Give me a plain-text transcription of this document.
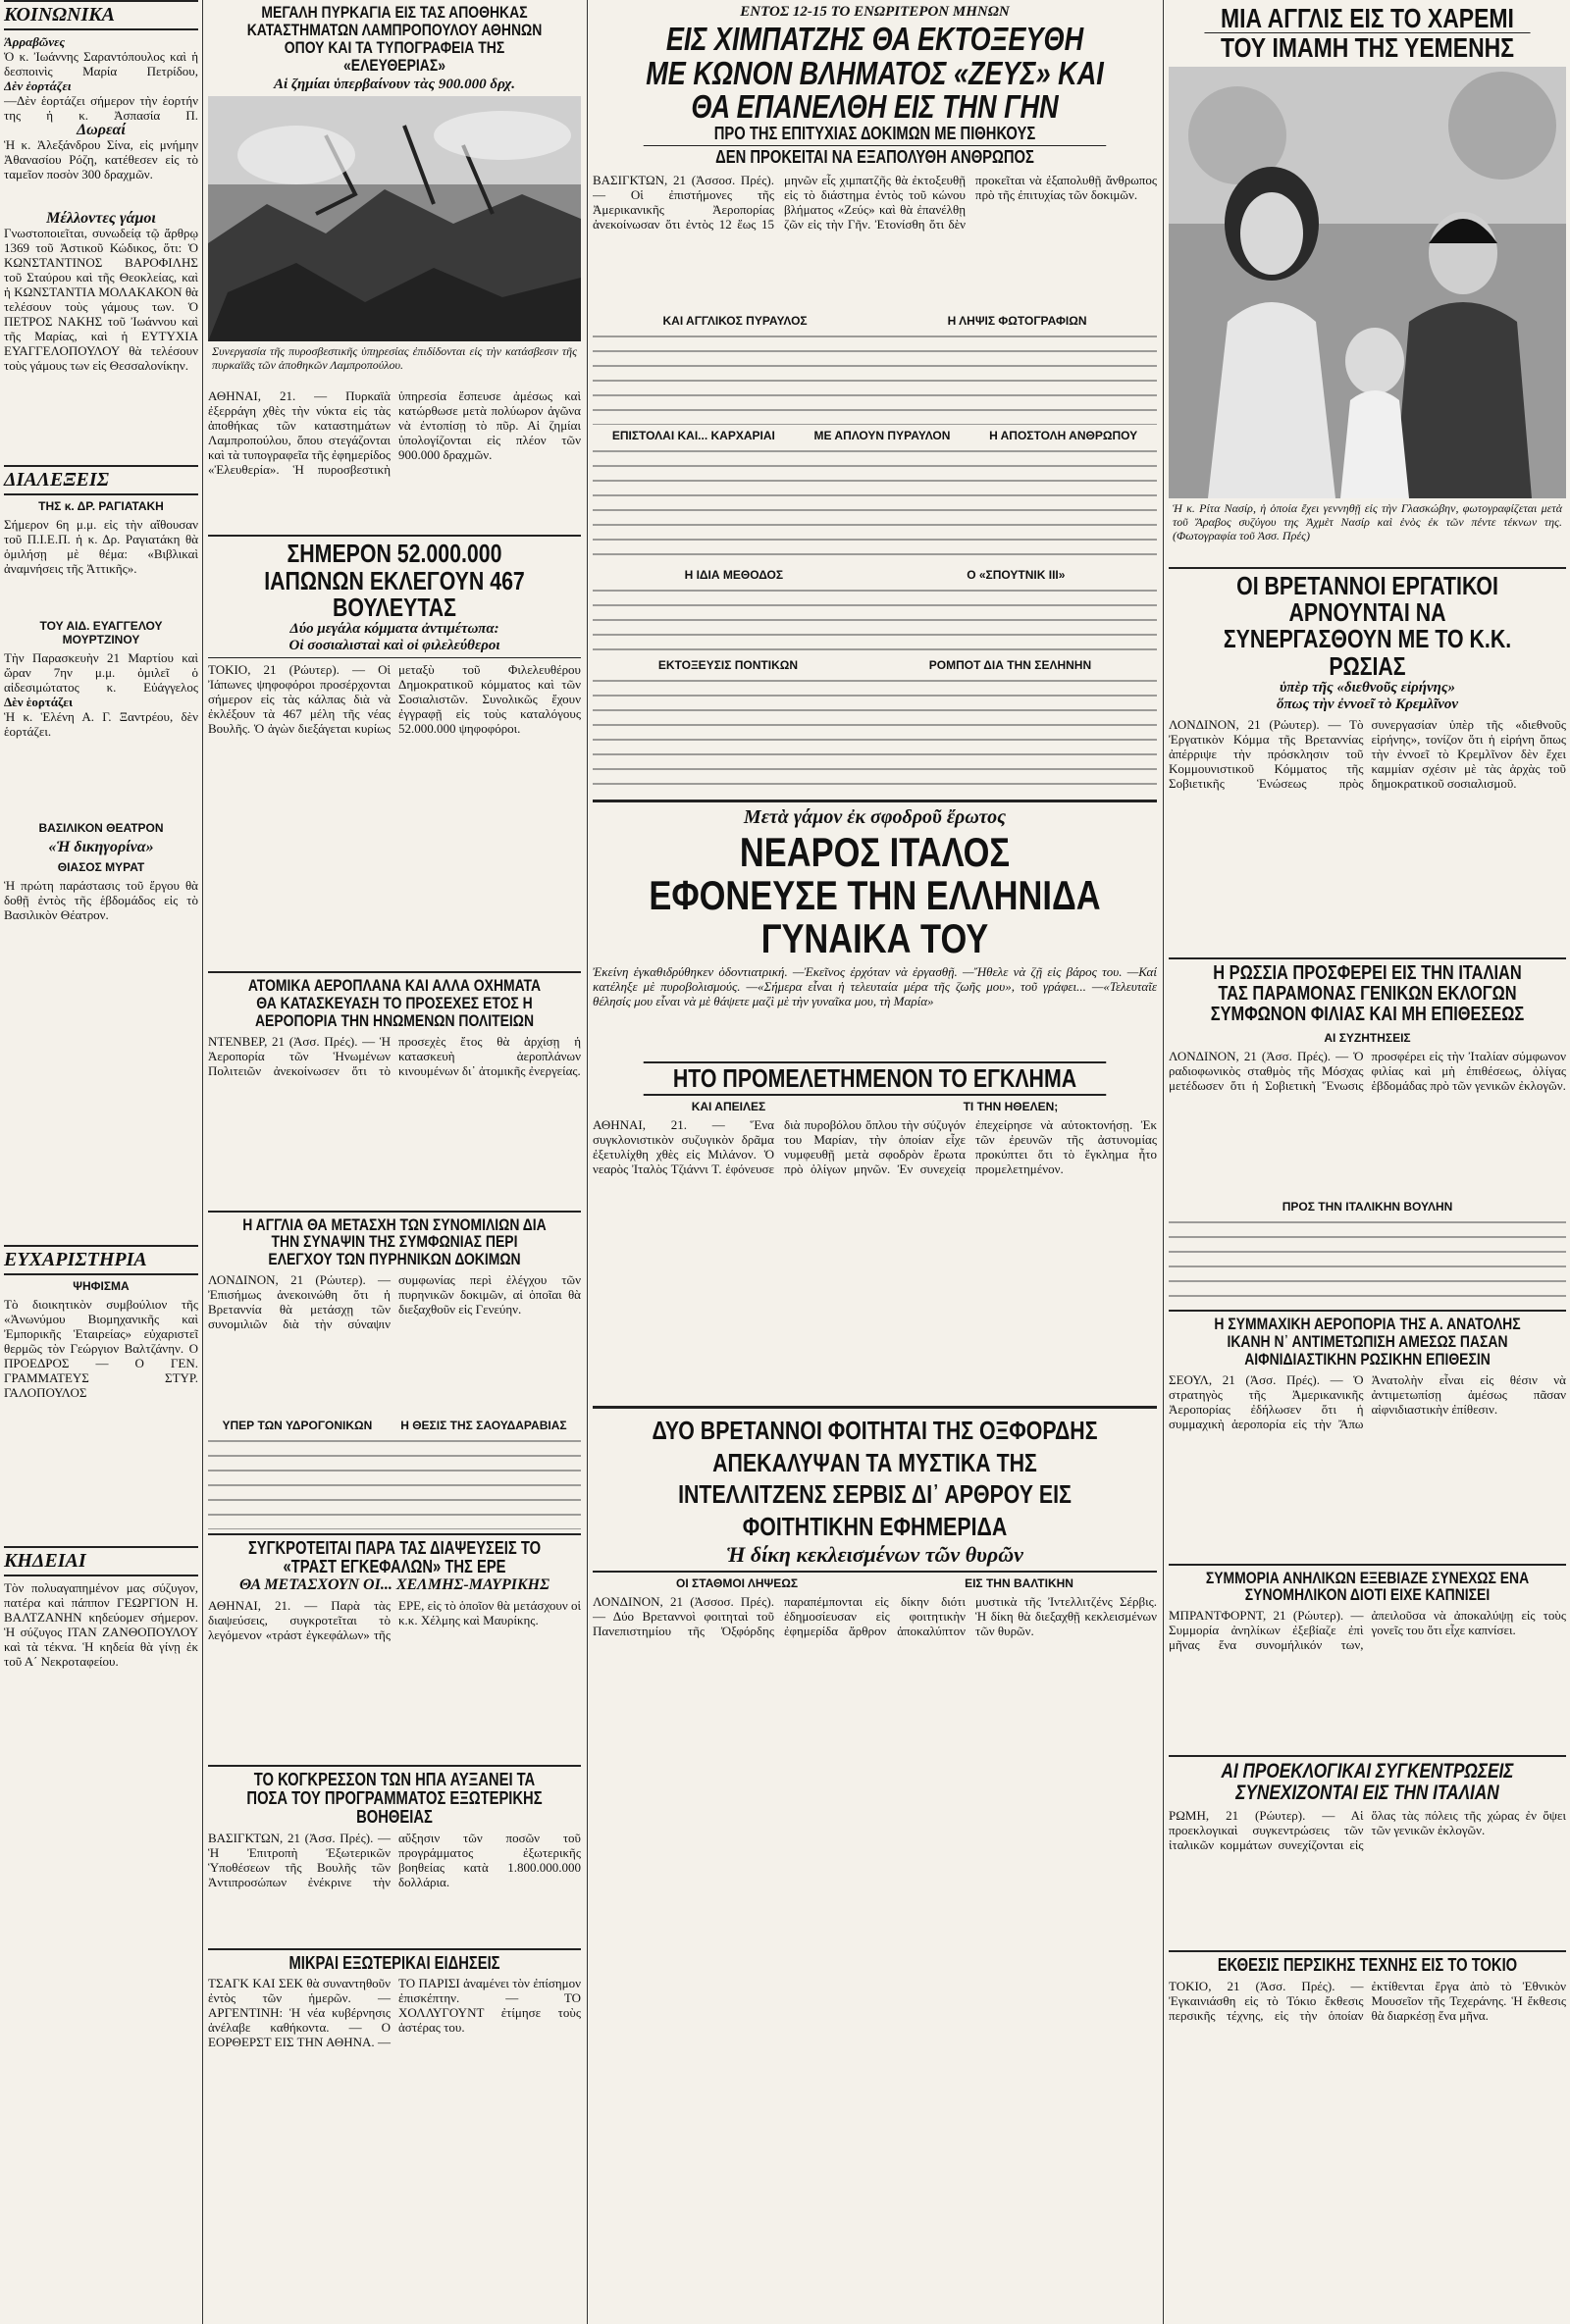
ΚΟΙΝΩΝΙΚΑ
Ἀρραβῶνες
Ὁ κ. Ἰωάννης Σαραντόπουλος καὶ ἡ δεσποινὶς Μαρία Πετρίδου,
Δὲν ἑορτάζει
—Δὲν ἑορτάζει σήμερον τὴν ἑορτήν της ἡ κ. Ἀσπασία Π.
Δωρεαί
Ἡ κ. Ἀλεξάνδρου Σίνα, εἰς μνήμην Ἀθανασίου Ρόζη, κατέθεσεν εἰς τὸ ταμεῖον ποσὸν 300 δραχμῶν.
Μέλλοντες γάμοι
Γνωστοποιεῖται, συνωδείᾳ τῷ ἄρθρῳ 1369 τοῦ Ἀστικοῦ Κώδικος, ὅτι: Ὁ ΚΩΝΣΤΑΝΤΙΝΟΣ ΒΑΡΟΦΙΛΗΣ τοῦ Σταύρου καὶ τῆς Θεοκλείας, καὶ ἡ ΚΩΝΣΤΑΝΤΙΑ ΜΟΛΑΚΑΚΟΝ θὰ τελέσουν τοὺς γάμους των. Ὁ ΠΕΤΡΟΣ ΝΑΚΗΣ τοῦ Ἰωάννου καὶ τῆς Μαρίας, καὶ ἡ ΕΥΤΥΧΙΑ ΕΥΑΓΓΕΛΟΠΟΥΛΟΥ θὰ τελέσουν τοὺς γάμους των εἰς Θεσσαλονίκην.
ΔΙΑΛΕΞΕΙΣ
ΤΗΣ κ. ΔΡ. ΡΑΓΙΑΤΑΚΗ
Σήμερον 6η μ.μ. εἰς τὴν αἴθουσαν τοῦ Π.Ι.Ε.Π. ἡ κ. Δρ. Ραγιατάκη θὰ ὁμιλήσῃ μὲ θέμα: «Βιβλικαὶ ἀναμνήσεις τῆς Ἀττικῆς».
ΤΟΥ ΑΙΔ. ΕΥΑΓΓΕΛΟΥ ΜΟΥΡΤΖΙΝΟΥ
Τὴν Παρασκευὴν 21 Μαρτίου καὶ ὥραν 7ην μ.μ. ὁμιλεῖ ὁ αἰδεσιμώτατος κ. Εὐάγγελος
Δὲν ἑορτάζει
Ἡ κ. Ἑλένη Α. Γ. Ξαντρέου, δὲν ἑορτάζει.
ΒΑΣΙΛΙΚΟΝ ΘΕΑΤΡΟΝ
«Ἡ δικηγορίνα»
ΘΙΑΣΟΣ ΜΥΡΑΤ
Ἡ πρώτη παράστασις τοῦ ἔργου θὰ δοθῇ ἐντὸς τῆς ἑβδομάδος εἰς τὸ Βασιλικὸν Θέατρον.
ΕΥΧΑΡΙΣΤΗΡΙΑ
ΨΗΦΙΣΜΑ
Τὸ διοικητικὸν συμβούλιον τῆς «Ἀνωνύμου Βιομηχανικῆς καὶ Ἐμπορικῆς Ἑταιρείας» εὐχαριστεῖ θερμῶς τὸν Γεώργιον Βαλτζάνην. Ο ΠΡΟΕΔΡΟΣ — Ο ΓΕΝ. ΓΡΑΜΜΑΤΕΥΣ ΣΤΥΡ. ΓΑΛΟΠΟΥΛΟΣ
ΚΗΔΕΙΑΙ
Τὸν πολυαγαπημένον μας σύζυγον, πατέρα καὶ πάππον ΓΕΩΡΓΙΟΝ Η. ΒΑΛΤΖΑΝΗΝ κηδεύομεν σήμερον. Ἡ σύζυγος ΙΤΑΝ ΖΑΝΘΟΠΟΥΛΟΥ καὶ τὰ τέκνα. Ἡ κηδεία θὰ γίνῃ ἐκ τοῦ Α΄ Νεκροταφείου.
ΜΕΓΑΛΗ ΠΥΡΚΑΓΙΑ ΕΙΣ ΤΑΣ ΑΠΟΘΗΚΑΣ ΚΑΤΑΣΤΗΜΑΤΩΝ ΛΑΜΠΡΟΠΟΥΛΟΥ ΑΘΗΝΩΝ ΟΠΟΥ ΚΑΙ ΤΑ ΤΥΠΟΓΡΑΦΕΙΑ ΤΗΣ «ΕΛΕΥΘΕΡΙΑΣ»
Αἱ ζημίαι ὑπερβαίνουν τὰς 900.000 δρχ.
Συνεργασία τῆς πυροσβεστικῆς ὑπηρεσίας ἐπιδίδονται εἰς τὴν κατάσβεσιν τῆς πυρκαϊᾶς τῶν ἀποθηκῶν Λαμπροπούλου.
ΑΘΗΝΑΙ, 21. — Πυρκαϊὰ ἐξερράγη χθὲς τὴν νύκτα εἰς τὰς ἀποθήκας τῶν καταστημάτων Λαμπροπούλου, ὅπου στεγάζονται καὶ τὰ τυπογραφεῖα τῆς ἐφημερίδος «Ἐλευθερία». Ἡ πυροσβεστικὴ ὑπηρεσία ἔσπευσε ἀμέσως καὶ κατώρθωσε μετὰ πολύωρον ἀγῶνα νὰ ἐντοπίσῃ τὸ πῦρ. Αἱ ζημίαι ὑπολογίζονται εἰς πλέον τῶν 900.000 δραχμῶν.
ΣΗΜΕΡΟΝ 52.000.000 ΙΑΠΩΝΩΝ ΕΚΛΕΓΟΥΝ 467 ΒΟΥΛΕΥΤΑΣ
Δύο μεγάλα κόμματα ἀντιμέτωπα:
Οἱ σοσιαλισταὶ καὶ οἱ φιλελεύθεροι
ΤΟΚΙΟ, 21 (Ρώυτερ). — Οἱ Ἰάπωνες ψηφοφόροι προσέρχονται σήμερον εἰς τὰς κάλπας διὰ νὰ ἐκλέξουν τὰ 467 μέλη τῆς νέας Βουλῆς. Ὁ ἀγὼν διεξάγεται κυρίως μεταξὺ τοῦ Φιλελευθέρου Δημοκρατικοῦ κόμματος καὶ τῶν Σοσιαλιστῶν. Συνολικῶς ἔχουν ἐγγραφῇ εἰς τοὺς καταλόγους 52.000.000 ψηφοφόροι.
ΑΤΟΜΙΚΑ ΑΕΡΟΠΛΑΝΑ ΚΑΙ ΑΛΛΑ ΟΧΗΜΑΤΑ ΘΑ ΚΑΤΑΣΚΕΥΑΣΗ ΤΟ ΠΡΟΣΕΧΕΣ ΕΤΟΣ Η ΑΕΡΟΠΟΡΙΑ ΤΗΝ ΗΝΩΜΕΝΩΝ ΠΟΛΙΤΕΙΩΝ
ΝΤΕΝΒΕΡ, 21 (Ἀσσ. Πρές). — Ἡ Ἀεροπορία τῶν Ἡνωμένων Πολιτειῶν ἀνεκοίνωσεν ὅτι τὸ προσεχὲς ἔτος θὰ ἀρχίσῃ ἡ κατασκευὴ ἀεροπλάνων κινουμένων δι᾽ ἀτομικῆς ἐνεργείας.
Η ΑΓΓΛΙΑ ΘΑ ΜΕΤΑΣΧΗ ΤΩΝ ΣΥΝΟΜΙΛΙΩΝ ΔΙΑ ΤΗΝ ΣΥΝΑΨΙΝ ΤΗΣ ΣΥΜΦΩΝΙΑΣ ΠΕΡΙ ΕΛΕΓΧΟΥ ΤΩΝ ΠΥΡΗΝΙΚΩΝ ΔΟΚΙΜΩΝ
ΛΟΝΔΙΝΟΝ, 21 (Ρώυτερ). — Ἐπισήμως ἀνεκοινώθη ὅτι ἡ Βρεταννία θὰ μετάσχῃ τῶν συνομιλιῶν διὰ τὴν σύναψιν συμφωνίας περὶ ἐλέγχου τῶν πυρηνικῶν δοκιμῶν, αἱ ὁποῖαι θὰ διεξαχθοῦν εἰς Γενεύην.
ΥΠΕΡ ΤΩΝ ΥΔΡΟΓΟΝΙΚΩΝ Η ΘΕΣΙΣ ΤΗΣ ΣΑΟΥΔΑΡΑΒΙΑΣ
ΣΥΓΚΡΟΤΕΙΤΑΙ ΠΑΡΑ ΤΑΣ ΔΙΑΨΕΥΣΕΙΣ ΤΟ «ΤΡΑΣΤ ΕΓΚΕΦΑΛΩΝ» ΤΗΣ ΕΡΕ
ΘΑ ΜΕΤΑΣΧΟΥΝ ΟΙ... ΧΕΛΜΗΣ-ΜΑΥΡΙΚΗΣ
ΑΘΗΝΑΙ, 21. — Παρὰ τὰς διαψεύσεις, συγκροτεῖται τὸ λεγόμενον «τράστ ἐγκεφάλων» τῆς ΕΡΕ, εἰς τὸ ὁποῖον θὰ μετάσχουν οἱ κ.κ. Χέλμης καὶ Μαυρίκης.
ΤΟ ΚΟΓΚΡΕΣΣΟΝ ΤΩΝ ΗΠΑ ΑΥΞΑΝΕΙ ΤΑ ΠΟΣΑ ΤΟΥ ΠΡΟΓΡΑΜΜΑΤΟΣ ΕΞΩΤΕΡΙΚΗΣ ΒΟΗΘΕΙΑΣ
ΒΑΣΙΓΚΤΩΝ, 21 (Ἀσσ. Πρές). — Ἡ Ἐπιτροπὴ Ἐξωτερικῶν Ὑποθέσεων τῆς Βουλῆς τῶν Ἀντιπροσώπων ἐνέκρινε τὴν αὔξησιν τῶν ποσῶν τοῦ προγράμματος ἐξωτερικῆς βοηθείας κατὰ 1.800.000.000 δολλάρια.
ΜΙΚΡΑΙ ΕΞΩΤΕΡΙΚΑΙ ΕΙΔΗΣΕΙΣ
ΤΣΑΓΚ ΚΑΙ ΣΕΚ θὰ συναντηθοῦν ἐντὸς τῶν ἡμερῶν. — ΑΡΓΕΝΤΙΝΗ: Ἡ νέα κυβέρνησις ἀνέλαβε καθήκοντα. — Ο ΕΟΡΘΕΡΣΤ ΕΙΣ ΤΗΝ ΑΘΗΝΑ. — ΤΟ ΠΑΡΙΣΙ ἀναμένει τὸν ἐπίσημον ἐπισκέπτην. — ΤΟ ΧΟΛΛΥΓΟΥΝΤ ἐτίμησε τοὺς ἀστέρας του.
ΕΝΤΟΣ 12-15 ΤΟ ΕΝΩΡΙΤΕΡΟΝ ΜΗΝΩΝ
ΕΙΣ ΧΙΜΠΑΤΖΗΣ ΘΑ ΕΚΤΟΞΕΥΘΗ ΜΕ ΚΩΝΟΝ ΒΛΗΜΑΤΟΣ «ΖΕΥΣ» ΚΑΙ ΘΑ ΕΠΑΝΕΛΘΗ ΕΙΣ ΤΗΝ ΓΗΝ
ΠΡΟ ΤΗΣ ΕΠΙΤΥΧΙΑΣ ΔΟΚΙΜΩΝ ΜΕ ΠΙΘΗΚΟΥΣ
ΔΕΝ ΠΡΟΚΕΙΤΑΙ ΝΑ ΕΞΑΠΟΛΥΘΗ ΑΝΘΡΩΠΟΣ
ΒΑΣΙΓΚΤΩΝ, 21 (Ἀσσοσ. Πρές). — Οἱ ἐπιστήμονες τῆς Ἀμερικανικῆς Ἀεροπορίας ἀνεκοίνωσαν ὅτι ἐντὸς 12 ἕως 15 μηνῶν εἷς χιμπατζῆς θὰ ἐκτοξευθῇ εἰς τὸ διάστημα ἐντὸς τοῦ κώνου βλήματος «Ζεύς» καὶ θὰ ἐπανέλθῃ ζῶν εἰς τὴν Γῆν. Ἐτονίσθη ὅτι δὲν προκεῖται νὰ ἐξαπολυθῇ ἄνθρωπος πρὸ τῆς ἐπιτυχίας τῶν δοκιμῶν.
ΚΑΙ ΑΓΓΛΙΚΟΣ ΠΥΡΑΥΛΟΣ	Η ΛΗΨΙΣ ΦΩΤΟΓΡΑΦΙΩΝ
ΕΠΙΣΤΟΛΑΙ ΚΑΙ... ΚΑΡΧΑΡΙΑΙ	ΜΕ ΑΠΛΟΥΝ ΠΥΡΑΥΛΟΝ	Η ΑΠΟΣΤΟΛΗ ΑΝΘΡΩΠΟΥ
Η ΙΔΙΑ ΜΕΘΟΔΟΣ	Ο «ΣΠΟΥΤΝΙΚ ΙΙΙ»
ΕΚΤΟΞΕΥΣΙΣ ΠΟΝΤΙΚΩΝ	ΡΟΜΠΟΤ ΔΙΑ ΤΗΝ ΣΕΛΗΝΗΝ
Μετὰ γάμον ἐκ σφοδροῦ ἔρωτος
ΝΕΑΡΟΣ ΙΤΑΛΟΣ ΕΦΟΝΕΥΣΕ ΤΗΝ ΕΛΛΗΝΙΔΑ ΓΥΝΑΙΚΑ ΤΟΥ
Ἐκείνη ἐγκαθιδρύθηκεν ὁδοντιατρική. —Ἐκεῖνος ἐρχόταν νὰ ἐργασθῇ. —Ἤθελε νὰ ζῇ εἰς βάρος του. —Καί κατέληξε μὲ πυροβολισμούς. —«Σήμερα εἶναι ἡ τελευταία μέρα τῆς ζωῆς μου», τοῦ γράφει... —«Τελευταῖε θέλησίς μου εἶναι νὰ μὲ θάψετε μαζὶ μὲ τὴν γυναῖκα μου, τὴ Μαρία»
ΗΤΟ ΠΡΟΜΕΛΕΤΗΜΕΝΟΝ ΤΟ ΕΓΚΛΗΜΑ
ΚΑΙ ΑΠΕΙΛΕΣ	ΤΙ ΤΗΝ ΗΘΕΛΕΝ;
ΑΘΗΝΑΙ, 21. — Ἕνα συγκλονιστικὸν συζυγικὸν δρᾶμα ἐξετυλίχθη χθὲς εἰς Μιλάνον. Ὁ νεαρὸς Ἰταλὸς Τζιάννι Τ. ἐφόνευσε διὰ πυροβόλου ὅπλου τὴν σύζυγόν του Μαρίαν, τὴν ὁποίαν εἶχε νυμφευθῇ μετὰ σφοδρὸν ἔρωτα πρὸ ὀλίγων μηνῶν. Ἐν συνεχείᾳ ἐπεχείρησε νὰ αὐτοκτονήσῃ. Ἐκ τῶν ἐρευνῶν τῆς ἀστυνομίας προκύπτει ὅτι τὸ ἔγκλημα ἦτο προμελετημένον.
ΔΥΟ ΒΡΕΤΑΝΝΟΙ ΦΟΙΤΗΤΑΙ ΤΗΣ ΟΞΦΟΡΔΗΣ ΑΠΕΚΑΛΥΨΑΝ ΤΑ ΜΥΣΤΙΚΑ ΤΗΣ ΙΝΤΕΛΛΙΤΖΕΝΣ ΣΕΡΒΙΣ ΔΙ᾽ ΑΡΘΡΟΥ ΕΙΣ ΦΟΙΤΗΤΙΚΗΝ ΕΦΗΜΕΡΙΔΑ
Ἡ δίκη κεκλεισμένων τῶν θυρῶν
ΟΙ ΣΤΑΘΜΟΙ ΛΗΨΕΩΣ	ΕΙΣ ΤΗΝ ΒΑΛΤΙΚΗΝ
ΛΟΝΔΙΝΟΝ, 21 (Ἀσσοσ. Πρές). — Δύο Βρεταννοὶ φοιτηταὶ τοῦ Πανεπιστημίου τῆς Ὀξφόρδης παραπέμπονται εἰς δίκην διότι ἐδημοσίευσαν εἰς φοιτητικὴν ἐφημερίδα ἄρθρον ἀποκαλύπτον μυστικὰ τῆς Ἰντελλιτζένς Σέρβις. Ἡ δίκη θὰ διεξαχθῇ κεκλεισμένων τῶν θυρῶν.
ΜΙΑ ΑΓΓΛΙΣ ΕΙΣ ΤΟ ΧΑΡΕΜΙ
ΤΟΥ ΙΜΑΜΗ ΤΗΣ ΥΕΜΕΝΗΣ
Ἡ κ. Ρίτα Νασίρ, ἡ ὁποία ἔχει γεννηθῇ εἰς τὴν Γλασκώβην, φωτογραφίζεται μετὰ τοῦ Ἄραβος συζύγου της Ἀχμὲτ Νασίρ καὶ ἑνὸς ἐκ τῶν πέντε τέκνων της. (Φωτογραφία τοῦ Ἀσσ. Πρές)
ΟΙ ΒΡΕΤΑΝΝΟΙ ΕΡΓΑΤΙΚΟΙ ΑΡΝΟΥΝΤΑΙ ΝΑ ΣΥΝΕΡΓΑΣΘΟΥΝ ΜΕ ΤΟ Κ.Κ. ΡΩΣΙΑΣ
ὑπὲρ τῆς «διεθνοῦς εἰρήνης»
ὅπως τὴν ἐννοεῖ τὸ Κρεμλῖνον
ΛΟΝΔΙΝΟΝ, 21 (Ρώυτερ). — Τὸ Ἐργατικὸν Κόμμα τῆς Βρεταννίας ἀπέρριψε τὴν πρόσκλησιν τοῦ Κομμουνιστικοῦ Κόμματος τῆς Σοβιετικῆς Ἑνώσεως πρὸς συνεργασίαν ὑπὲρ τῆς «διεθνοῦς εἰρήνης», τονίζον ὅτι ἡ εἰρήνη ὅπως τὴν ἐννοεῖ τὸ Κρεμλῖνον δὲν ἔχει καμμίαν σχέσιν μὲ τὰς ἀρχὰς τοῦ δημοκρατικοῦ σοσιαλισμοῦ.
Η ΡΩΣΣΙΑ ΠΡΟΣΦΕΡΕΙ ΕΙΣ ΤΗΝ ΙΤΑΛΙΑΝ ΤΑΣ ΠΑΡΑΜΟΝΑΣ ΓΕΝΙΚΩΝ ΕΚΛΟΓΩΝ ΣΥΜΦΩΝΟΝ ΦΙΛΙΑΣ ΚΑΙ ΜΗ ΕΠΙΘΕΣΕΩΣ
ΑΙ ΣΥΖΗΤΗΣΕΙΣ
ΛΟΝΔΙΝΟΝ, 21 (Ἀσσ. Πρές). — Ὁ ραδιοφωνικὸς σταθμὸς τῆς Μόσχας μετέδωσεν ὅτι ἡ Σοβιετικὴ Ἕνωσις προσφέρει εἰς τὴν Ἰταλίαν σύμφωνον φιλίας καὶ μὴ ἐπιθέσεως, ὀλίγας ἑβδομάδας πρὸ τῶν γενικῶν ἐκλογῶν.
ΠΡΟΣ ΤΗΝ ΙΤΑΛΙΚΗΝ ΒΟΥΛΗΝ
Η ΣΥΜΜΑΧΙΚΗ ΑΕΡΟΠΟΡΙΑ ΤΗΣ Α. ΑΝΑΤΟΛΗΣ ΙΚΑΝΗ Ν᾽ ΑΝΤΙΜΕΤΩΠΙΣΗ ΑΜΕΣΩΣ ΠΑΣΑΝ ΑΙΦΝΙΔΙΑΣΤΙΚΗΝ ΡΩΣΙΚΗΝ ΕΠΙΘΕΣΙΝ
ΣΕΟΥΛ, 21 (Ἀσσ. Πρές). — Ὁ στρατηγὸς τῆς Ἀμερικανικῆς Ἀεροπορίας ἐδήλωσεν ὅτι ἡ συμμαχικὴ ἀεροπορία εἰς τὴν Ἄπω Ἀνατολὴν εἶναι εἰς θέσιν νὰ ἀντιμετωπίσῃ ἀμέσως πᾶσαν αἰφνιδιαστικὴν ἐπίθεσιν.
ΣΥΜΜΟΡΙΑ ΑΝΗΛΙΚΩΝ ΕΞΕΒΙΑΖΕ ΣΥΝΕΧΩΣ ΕΝΑ ΣΥΝΟΜΗΛΙΚΟΝ ΔΙΟΤΙ ΕΙΧΕ ΚΑΠΝΙΣΕΙ
ΜΠΡΑΝΤΦΟΡΝΤ, 21 (Ρώυτερ). — Συμμορία ἀνηλίκων ἐξεβίαζε ἐπὶ μῆνας ἕνα συνομήλικόν των, ἀπειλοῦσα νὰ ἀποκαλύψῃ εἰς τοὺς γονεῖς του ὅτι εἶχε καπνίσει.
ΑΙ ΠΡΟΕΚΛΟΓΙΚΑΙ ΣΥΓΚΕΝΤΡΩΣΕΙΣ ΣΥΝΕΧΙΖΟΝΤΑΙ ΕΙΣ ΤΗΝ ΙΤΑΛΙΑΝ
ΡΩΜΗ, 21 (Ρώυτερ). — Αἱ προεκλογικαὶ συγκεντρώσεις τῶν ἰταλικῶν κομμάτων συνεχίζονται εἰς ὅλας τὰς πόλεις τῆς χώρας ἐν ὄψει τῶν γενικῶν ἐκλογῶν.
ΕΚΘΕΣΙΣ ΠΕΡΣΙΚΗΣ ΤΕΧΝΗΣ ΕΙΣ ΤΟ ΤΟΚΙΟ
ΤΟΚΙΟ, 21 (Ἀσσ. Πρές). — Ἐγκαινιάσθη εἰς τὸ Τόκιο ἔκθεσις περσικῆς τέχνης, εἰς τὴν ὁποίαν ἐκτίθενται ἔργα ἀπὸ τὸ Ἐθνικὸν Μουσεῖον τῆς Τεχεράνης. Ἡ ἔκθεσις θὰ διαρκέσῃ ἕνα μῆνα.
